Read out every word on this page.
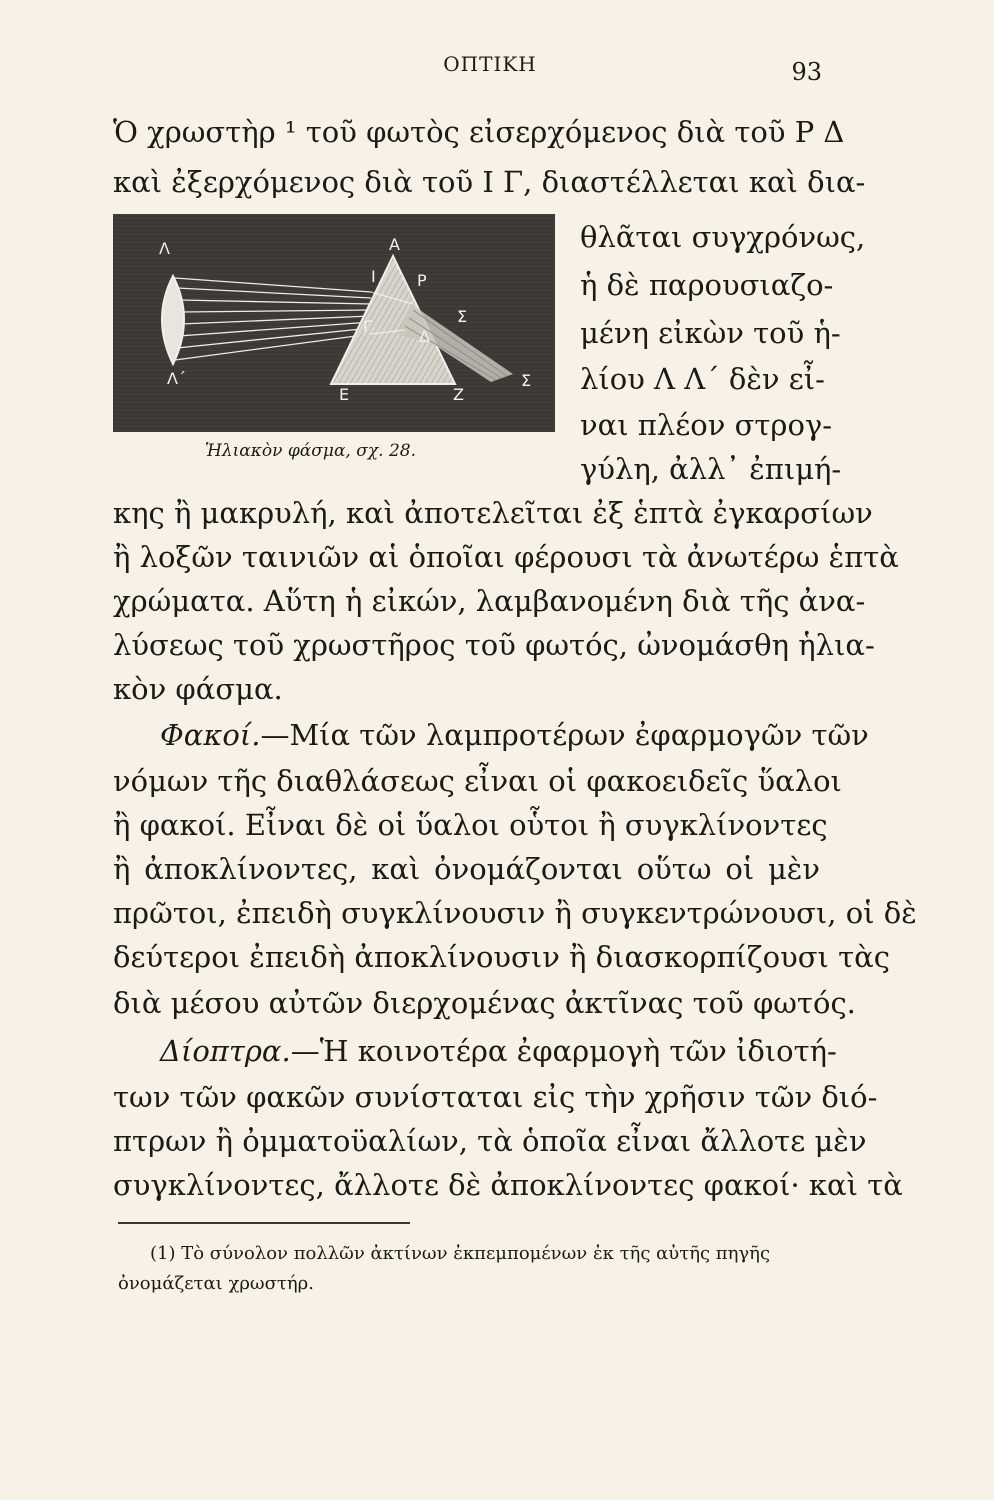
ΟΠΤΙΚΗ	93
Ὁ χρωστὴρ ¹ τοῦ φωτὸς εἰσερχόμενος διὰ τοῦ Ρ Δ
καὶ ἐξερχόμενος διὰ τοῦ Ι Γ, διαστέλλεται καὶ δια-
Λ
Λ΄
Α
Ι	Ρ
Γ
Δ
Σ
Σ
Ε	Ζ
Ἡλιακὸν φάσμα, σχ. 28.
θλᾶται συγχρόνως,
ἡ δὲ παρουσιαζο-
μένη εἰκὼν τοῦ ἡ-
λίου Λ Λ΄ δὲν εἶ-
ναι πλέον στρογ-
γύλη, ἀλλ᾽ ἐπιμή-
κης ἢ μακρυλή, καὶ ἀποτελεῖται ἐξ ἑπτὰ ἐγκαρσίων
ἢ λοξῶν ταινιῶν αἱ ὁποῖαι φέρουσι τὰ ἀνωτέρω ἑπτὰ
χρώματα. Αὕτη ἡ εἰκών, λαμβανομένη διὰ τῆς ἀνα-
λύσεως τοῦ χρωστῆρος τοῦ φωτός, ὠνομάσθη ἡλια-
κὸν φάσμα.
Φακοί.—Μία τῶν λαμπροτέρων ἐφαρμογῶν τῶν
νόμων τῆς διαθλάσεως εἶναι οἱ φακοειδεῖς ὕαλοι
ἢ φακοί. Εἶναι δὲ οἱ ὕαλοι οὗτοι ἢ συγκλίνοντες
ἢ ἀποκλίνοντες, καὶ ὀνομάζονται οὕτω οἱ μὲν
πρῶτοι, ἐπειδὴ συγκλίνουσιν ἢ συγκεντρώνουσι, οἱ δὲ
δεύτεροι ἐπειδὴ ἀποκλίνουσιν ἢ διασκορπίζουσι τὰς
διὰ μέσου αὐτῶν διερχομένας ἀκτῖνας τοῦ φωτός.
Δίοπτρα.—Ἡ κοινοτέρα ἐφαρμογὴ τῶν ἰδιοτή-
των τῶν φακῶν συνίσταται εἰς τὴν χρῆσιν τῶν διό-
πτρων ἢ ὀμματοϋαλίων, τὰ ὁποῖα εἶναι ἄλλοτε μὲν
συγκλίνοντες, ἄλλοτε δὲ ἀποκλίνοντες φακοί· καὶ τὰ
(1) Τὸ σύνολον πολλῶν ἀκτίνων ἐκπεμπομένων ἐκ τῆς αὐτῆς πηγῆς
ὀνομάζεται χρωστήρ.
